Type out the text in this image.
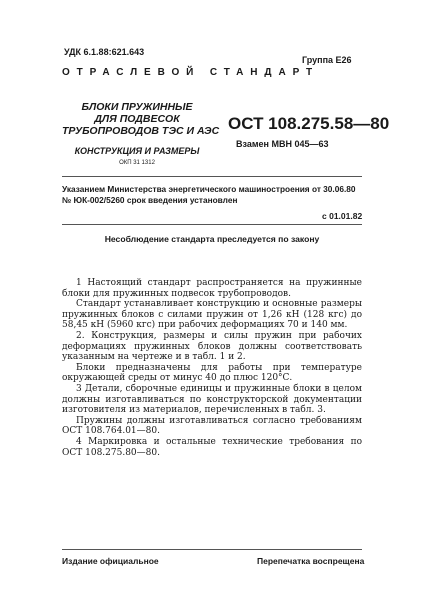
УДК 6.1.88:621.643
Группа Е26
ОТРАСЛЕВОЙ СТАНДАРТ
БЛОКИ ПРУЖИННЫЕ
ДЛЯ ПОДВЕСОК
ТРУБОПРОВОДОВ ТЭС И АЭС
КОНСТРУКЦИЯ И РАЗМЕРЫ
ОКП 31 1312
ОСТ 108.275.58—80
Взамен МВН 045—63
Указанием Министерства энергетического машиностроения от 30.06.80 № ЮК-002/5260 срок введения установлен
с 01.01.82
Несоблюдение стандарта преследуется по закону

1 Настоящий стандарт распространяется на пружинные блоки для пружинных подвесок трубопроводов.

Стандарт устанавливает конструкцию и основные размеры пружинных блоков с силами пружин от 1,26 кН (128 кгс) до 58,45 кН (5960 кгс) при рабочих деформациях 70 и 140 мм.

2. Конструкция, размеры и силы пружин при рабочих деформациях пружинных блоков должны соответствовать указанным на чертеже и в табл. 1 и 2.

Блоки предназначены для работы при температуре окружающей среды от минус 40 до плюс 120°С.

3 Детали, сборочные единицы и пружинные блоки в целом должны изготавливаться по конструкторской документации изготовителя из материалов, перечисленных в табл. 3.

Пружины должны изготавливаться согласно требованиям ОСТ 108.764.01—80.

4 Маркировка и остальные технические требования по ОСТ 108.275.80—80.

Издание официальное	Перепечатка воспрещена
